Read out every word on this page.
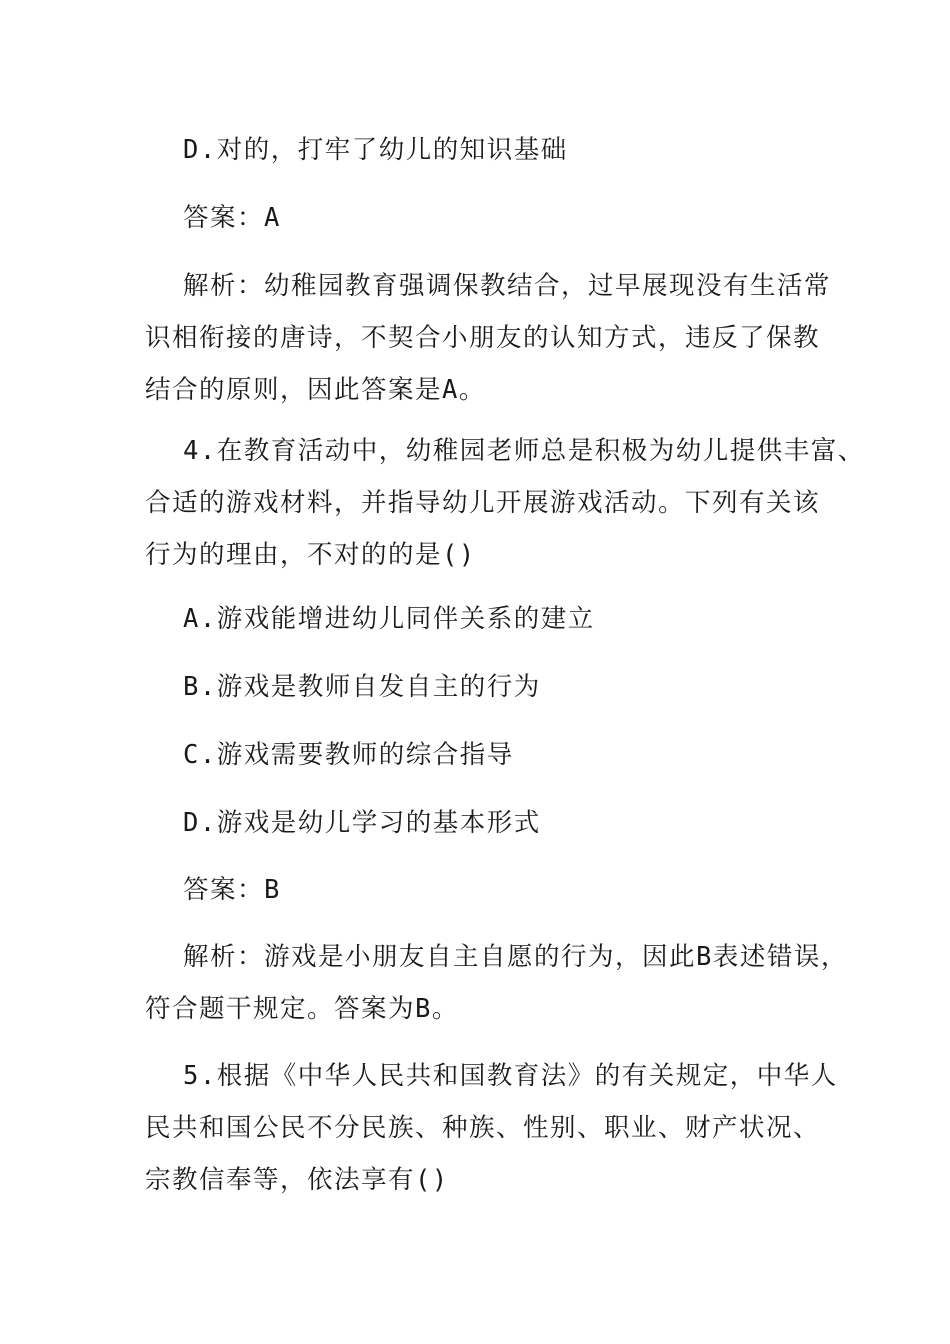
D.对的，打牢了幼儿的知识基础

答案：A

解析：幼稚园教育强调保教结合，过早展现没有生活常
识相衔接的唐诗，不契合小朋友的认知方式，违反了保教
结合的原则，因此答案是A。

4.在教育活动中，幼稚园老师总是积极为幼儿提供丰富、
合适的游戏材料，并指导幼儿开展游戏活动。下列有关该
行为的理由，不对的的是()

A.游戏能增进幼儿同伴关系的建立

B.游戏是教师自发自主的行为

C.游戏需要教师的综合指导

D.游戏是幼儿学习的基本形式

答案：B

解析：游戏是小朋友自主自愿的行为，因此B表述错误，
符合题干规定。答案为B。

5.根据《中华人民共和国教育法》的有关规定，中华人
民共和国公民不分民族、种族、性别、职业、财产状况、
宗教信奉等，依法享有()
